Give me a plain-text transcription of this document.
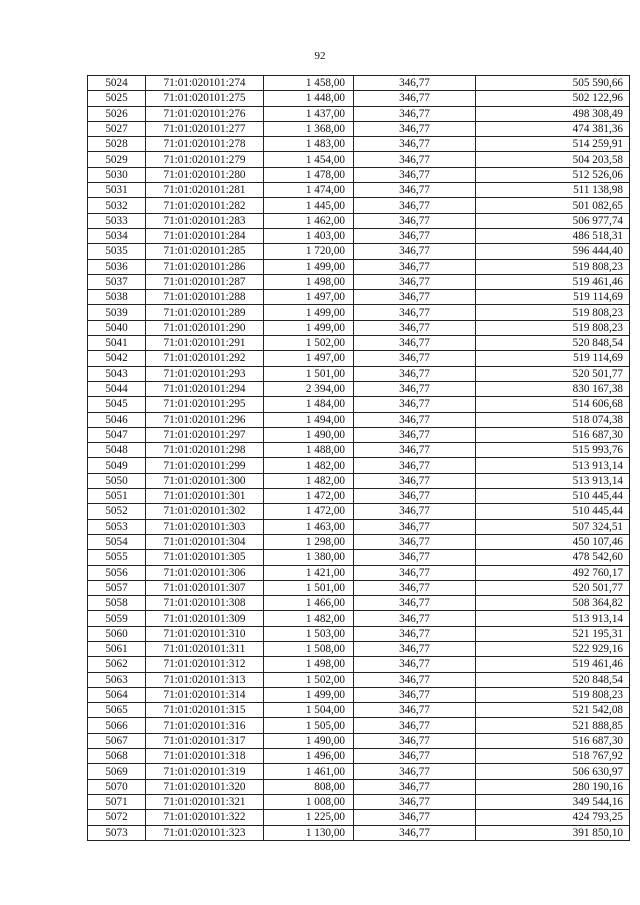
92
5024	71:01:020101:274	1 458,00	346,77	505 590,66
5025	71:01:020101:275	1 448,00	346,77	502 122,96
5026	71:01:020101:276	1 437,00	346,77	498 308,49
5027	71:01:020101:277	1 368,00	346,77	474 381,36
5028	71:01:020101:278	1 483,00	346,77	514 259,91
5029	71:01:020101:279	1 454,00	346,77	504 203,58
5030	71:01:020101:280	1 478,00	346,77	512 526,06
5031	71:01:020101:281	1 474,00	346,77	511 138,98
5032	71:01:020101:282	1 445,00	346,77	501 082,65
5033	71:01:020101:283	1 462,00	346,77	506 977,74
5034	71:01:020101:284	1 403,00	346,77	486 518,31
5035	71:01:020101:285	1 720,00	346,77	596 444,40
5036	71:01:020101:286	1 499,00	346,77	519 808,23
5037	71:01:020101:287	1 498,00	346,77	519 461,46
5038	71:01:020101:288	1 497,00	346,77	519 114,69
5039	71:01:020101:289	1 499,00	346,77	519 808,23
5040	71:01:020101:290	1 499,00	346,77	519 808,23
5041	71:01:020101:291	1 502,00	346,77	520 848,54
5042	71:01:020101:292	1 497,00	346,77	519 114,69
5043	71:01:020101:293	1 501,00	346,77	520 501,77
5044	71:01:020101:294	2 394,00	346,77	830 167,38
5045	71:01:020101:295	1 484,00	346,77	514 606,68
5046	71:01:020101:296	1 494,00	346,77	518 074,38
5047	71:01:020101:297	1 490,00	346,77	516 687,30
5048	71:01:020101:298	1 488,00	346,77	515 993,76
5049	71:01:020101:299	1 482,00	346,77	513 913,14
5050	71:01:020101:300	1 482,00	346,77	513 913,14
5051	71:01:020101:301	1 472,00	346,77	510 445,44
5052	71:01:020101:302	1 472,00	346,77	510 445,44
5053	71:01:020101:303	1 463,00	346,77	507 324,51
5054	71:01:020101:304	1 298,00	346,77	450 107,46
5055	71:01:020101:305	1 380,00	346,77	478 542,60
5056	71:01:020101:306	1 421,00	346,77	492 760,17
5057	71:01:020101:307	1 501,00	346,77	520 501,77
5058	71:01:020101:308	1 466,00	346,77	508 364,82
5059	71:01:020101:309	1 482,00	346,77	513 913,14
5060	71:01:020101:310	1 503,00	346,77	521 195,31
5061	71:01:020101:311	1 508,00	346,77	522 929,16
5062	71:01:020101:312	1 498,00	346,77	519 461,46
5063	71:01:020101:313	1 502,00	346,77	520 848,54
5064	71:01:020101:314	1 499,00	346,77	519 808,23
5065	71:01:020101:315	1 504,00	346,77	521 542,08
5066	71:01:020101:316	1 505,00	346,77	521 888,85
5067	71:01:020101:317	1 490,00	346,77	516 687,30
5068	71:01:020101:318	1 496,00	346,77	518 767,92
5069	71:01:020101:319	1 461,00	346,77	506 630,97
5070	71:01:020101:320	808,00	346,77	280 190,16
5071	71:01:020101:321	1 008,00	346,77	349 544,16
5072	71:01:020101:322	1 225,00	346,77	424 793,25
5073	71:01:020101:323	1 130,00	346,77	391 850,10
